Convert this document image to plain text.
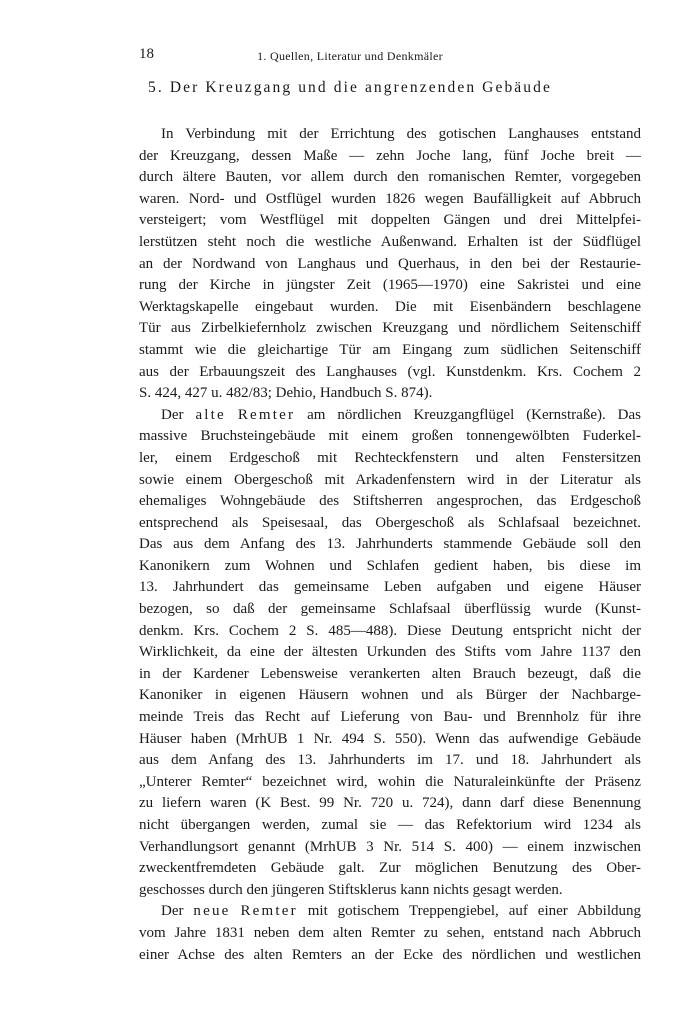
18	1. Quellen, Literatur und Denkmäler
5. Der Kreuzgang und die angrenzenden Gebäude
In Verbindung mit der Errichtung des gotischen Langhauses entstand
der Kreuzgang, dessen Maße — zehn Joche lang, fünf Joche breit —
durch ältere Bauten, vor allem durch den romanischen Remter, vorgegeben
waren. Nord- und Ostflügel wurden 1826 wegen Baufälligkeit auf Abbruch
versteigert; vom Westflügel mit doppelten Gängen und drei Mittelpfei-
lerstützen steht noch die westliche Außenwand. Erhalten ist der Südflügel
an der Nordwand von Langhaus und Querhaus, in den bei der Restaurie-
rung der Kirche in jüngster Zeit (1965—1970) eine Sakristei und eine
Werktagskapelle eingebaut wurden. Die mit Eisenbändern beschlagene
Tür aus Zirbelkiefernholz zwischen Kreuzgang und nördlichem Seitenschiff
stammt wie die gleichartige Tür am Eingang zum südlichen Seitenschiff
aus der Erbauungszeit des Langhauses (vgl. Kunstdenkm. Krs. Cochem 2
S. 424, 427 u. 482/83; Dehio, Handbuch S. 874).
Der alte Remter am nördlichen Kreuzgangflügel (Kernstraße). Das
massive Bruchsteingebäude mit einem großen tonnengewölbten Fuderkel-
ler, einem Erdgeschoß mit Rechteckfenstern und alten Fenstersitzen
sowie einem Obergeschoß mit Arkadenfenstern wird in der Literatur als
ehemaliges Wohngebäude des Stiftsherren angesprochen, das Erdgeschoß
entsprechend als Speisesaal, das Obergeschoß als Schlafsaal bezeichnet.
Das aus dem Anfang des 13. Jahrhunderts stammende Gebäude soll den
Kanonikern zum Wohnen und Schlafen gedient haben, bis diese im
13. Jahrhundert das gemeinsame Leben aufgaben und eigene Häuser
bezogen, so daß der gemeinsame Schlafsaal überflüssig wurde (Kunst-
denkm. Krs. Cochem 2 S. 485—488). Diese Deutung entspricht nicht der
Wirklichkeit, da eine der ältesten Urkunden des Stifts vom Jahre 1137 den
in der Kardener Lebensweise verankerten alten Brauch bezeugt, daß die
Kanoniker in eigenen Häusern wohnen und als Bürger der Nachbarge-
meinde Treis das Recht auf Lieferung von Bau- und Brennholz für ihre
Häuser haben (MrhUB 1 Nr. 494 S. 550). Wenn das aufwendige Gebäude
aus dem Anfang des 13. Jahrhunderts im 17. und 18. Jahrhundert als
„Unterer Remter“ bezeichnet wird, wohin die Naturaleinkünfte der Präsenz
zu liefern waren (K Best. 99 Nr. 720 u. 724), dann darf diese Benennung
nicht übergangen werden, zumal sie — das Refektorium wird 1234 als
Verhandlungsort genannt (MrhUB 3 Nr. 514 S. 400) — einem inzwischen
zweckentfremdeten Gebäude galt. Zur möglichen Benutzung des Ober-
geschosses durch den jüngeren Stiftsklerus kann nichts gesagt werden.
Der neue Remter mit gotischem Treppengiebel, auf einer Abbildung
vom Jahre 1831 neben dem alten Remter zu sehen, entstand nach Abbruch
einer Achse des alten Remters an der Ecke des nördlichen und westlichen
